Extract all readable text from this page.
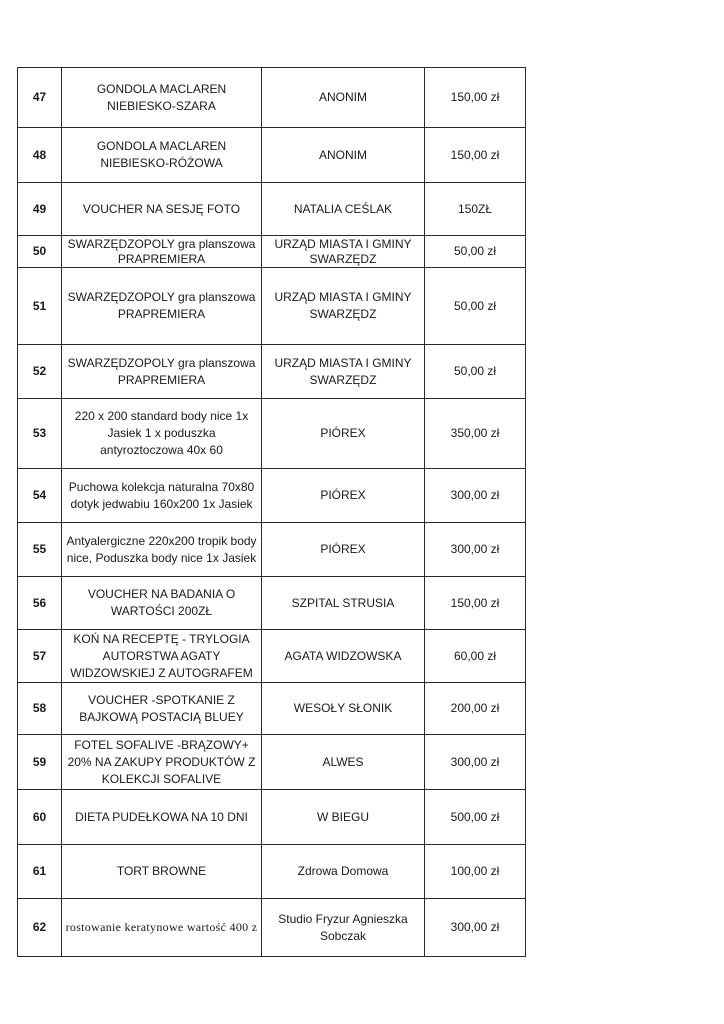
47	GONDOLA MACLAREN NIEBIESKO-SZARA	ANONIM	150,00 zł
48	GONDOLA MACLAREN NIEBIESKO-RÓŻOWA	ANONIM	150,00 zł
49	VOUCHER NA SESJĘ FOTO	NATALIA CEŚLAK	150ZŁ
50	SWARZĘDZOPOLY gra planszowa PRAPREMIERA	URZĄD MIASTA I GMINY SWARZĘDZ	50,00 zł
51	SWARZĘDZOPOLY gra planszowa PRAPREMIERA	URZĄD MIASTA I GMINY SWARZĘDZ	50,00 zł
52	SWARZĘDZOPOLY gra planszowa PRAPREMIERA	URZĄD MIASTA I GMINY SWARZĘDZ	50,00 zł
53	220 x 200 standard body nice 1x Jasiek 1 x poduszka antyroztoczowa 40x 60	PIÓREX	350,00 zł
54	Puchowa kolekcja naturalna 70x80 dotyk jedwabiu 160x200 1x Jasiek	PIÓREX	300,00 zł
55	Antyalergiczne 220x200 tropik body nice, Poduszka body nice 1x Jasiek	PIÓREX	300,00 zł
56	VOUCHER NA BADANIA O WARTOŚCI 200ZŁ	SZPITAL STRUSIA	150,00 zł
57	KOŃ NA RECEPTĘ - TRYLOGIA AUTORSTWA AGATY WIDZOWSKIEJ Z AUTOGRAFEM	AGATA WIDZOWSKA	60,00 zł
58	VOUCHER -SPOTKANIE Z BAJKOWĄ POSTACIĄ BLUEY	WESOŁY SŁONIK	200,00 zł
59	FOTEL SOFALIVE -BRĄZOWY+ 20% NA ZAKUPY PRODUKTÓW Z KOLEKCJI SOFALIVE	ALWES	300,00 zł
60	DIETA PUDEŁKOWA NA 10 DNI	W BIEGU	500,00 zł
61	TORT BROWNE	Zdrowa Domowa	100,00 zł
62	rostowanie keratynowe wartość 400 z	Studio Fryzur Agnieszka Sobczak	300,00 zł
